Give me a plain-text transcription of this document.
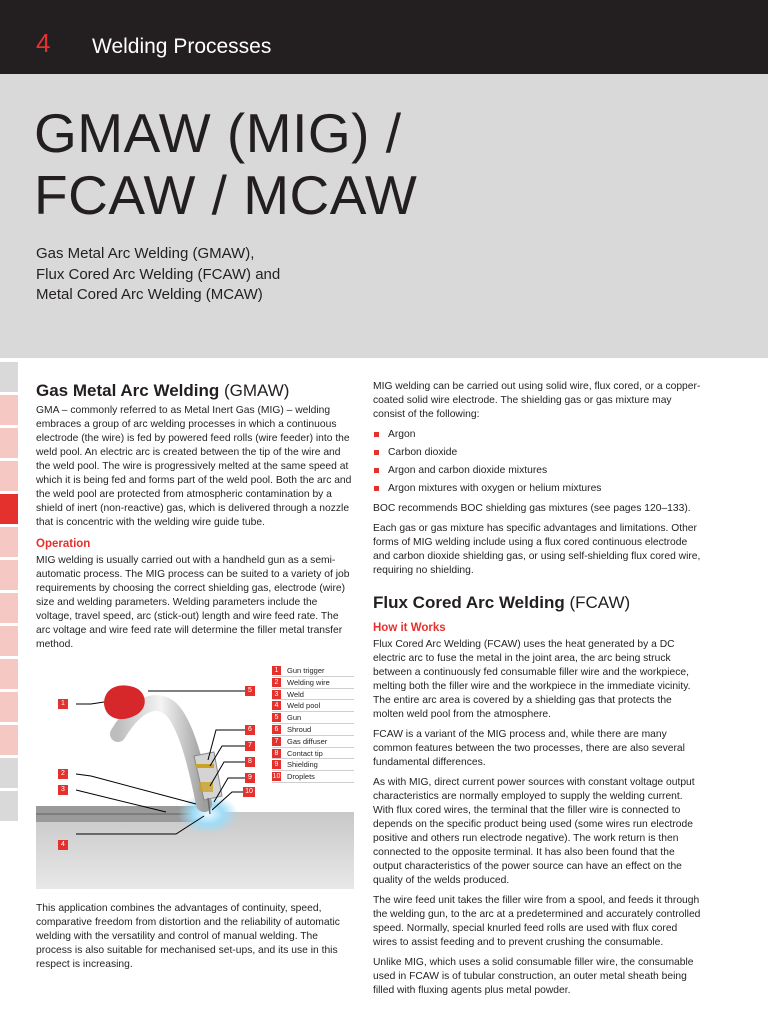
4 Welding Processes
GMAW (MIG) /
FCAW / MCAW
Gas Metal Arc Welding (GMAW),
Flux Cored Arc Welding (FCAW) and
Metal Cored Arc Welding (MCAW)
Gas Metal Arc Welding (GMAW)

GMA – commonly referred to as Metal Inert Gas (MIG) – welding embraces a group of arc welding processes in which a continuous electrode (the wire) is fed by powered feed rolls (wire feeder) into the weld pool. An electric arc is created between the tip of the wire and the weld pool. The wire is progressively melted at the same speed at which it is being fed and forms part of the weld pool. Both the arc and the weld pool are protected from atmospheric contamination by a shield of inert (non-reactive) gas, which is delivered through a nozzle that is concentric with the welding wire guide tube.

Operation

MIG welding is usually carried out with a handheld gun as a semi-automatic process. The MIG process can be suited to a variety of job requirements by choosing the correct shielding gas, electrode (wire) size and welding parameters. Welding parameters include the voltage, travel speed, arc (stick-out) length and wire feed rate. The arc voltage and wire feed rate will determine the filler metal transfer method.

1
2
3
4
5
6
7
8
9
10
1	Gun trigger
2	Welding wire
3	Weld
4	Weld pool
5	Gun
6	Shroud
7	Gas diffuser
8	Contact tip
9	Shielding
10 Droplets

This application combines the advantages of continuity, speed, comparative freedom from distortion and the reliability of automatic welding with the versatility and control of manual welding. The process is also suitable for mechanised set-ups, and its use in this respect is increasing.

MIG welding can be carried out using solid wire, flux cored, or a copper-coated solid wire electrode. The shielding gas or gas mixture may consist of the following:

Argon
Carbon dioxide
Argon and carbon dioxide mixtures
Argon mixtures with oxygen or helium mixtures

BOC recommends BOC shielding gas mixtures (see pages 120–133).

Each gas or gas mixture has specific advantages and limitations. Other forms of MIG welding include using a flux cored continuous electrode and carbon dioxide shielding gas, or using self-shielding flux cored wire, requiring no shielding.

Flux Cored Arc Welding (FCAW)
How it Works

Flux Cored Arc Welding (FCAW) uses the heat generated by a DC electric arc to fuse the metal in the joint area, the arc being struck between a continuously fed consumable filler wire and the workpiece, melting both the filler wire and the workpiece in the immediate vicinity. The entire arc area is covered by a shielding gas that protects the molten weld pool from the atmosphere.

FCAW is a variant of the MIG process and, while there are many common features between the two processes, there are also several fundamental differences.

As with MIG, direct current power sources with constant voltage output characteristics are normally employed to supply the welding current. With flux cored wires, the terminal that the filler wire is connected to depends on the specific product being used (some wires run electrode positive and others run electrode negative). The work return is then connected to the opposite terminal. It has also been found that the output characteristics of the power source can have an effect on the quality of the welds produced.

The wire feed unit takes the filler wire from a spool, and feeds it through the welding gun, to the arc at a predetermined and accurately controlled speed. Normally, special knurled feed rolls are used with flux cored wires to assist feeding and to prevent crushing the consumable.

Unlike MIG, which uses a solid consumable filler wire, the consumable used in FCAW is of tubular construction, an outer metal sheath being filled with fluxing agents plus metal powder.
